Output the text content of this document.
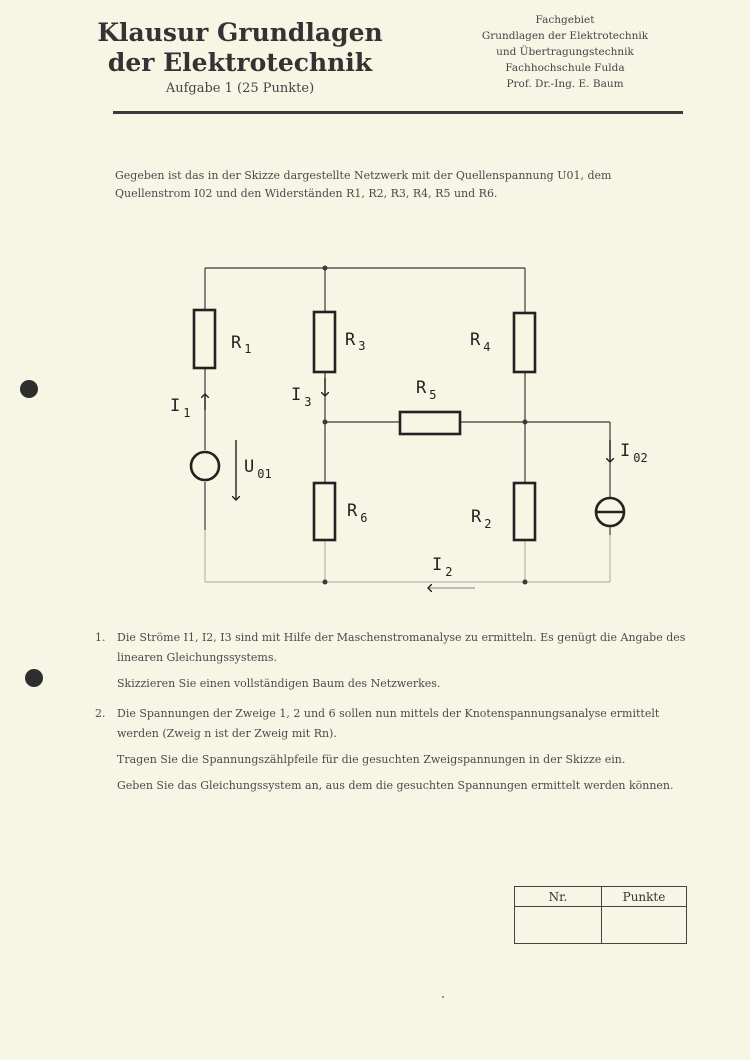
Klausur Grundlagen
der Elektrotechnik
Aufgabe 1 (25 Punkte)
Fachgebiet
Grundlagen der Elektrotechnik
und Übertragungstechnik
Fachhochschule Fulda
Prof. Dr.-Ing. E. Baum
Gegeben ist das in der Skizze dargestellte Netzwerk mit der Quellenspannung U01, dem Quellenstrom I02 und den Widerständen R1, R2, R3, R4, R5 und R6.
R $_1$	R $_3$	R $_4$
R $_5$
R $_6$	R $_2$
I $_1$
I $_3$
U $_{01}$
I $_{02}$
I $_2$
1.	Die Ströme I1, I2, I3 sind mit Hilfe der Maschenstromanalyse zu ermitteln. Es genügt die Angabe des linearen Gleichungssystems.

Skizzieren Sie einen vollständigen Baum des Netzwerkes.

2.	Die Spannungen der Zweige 1, 2 und 6 sollen nun mittels der Knotenspannungsanalyse ermittelt werden (Zweig n ist der Zweig mit Rn).

Tragen Sie die Spannungszählpfeile für die gesuchten Zweigspannungen in der Skizze ein.

Geben Sie das Gleichungssystem an, aus dem die gesuchten Spannungen ermittelt werden können.

Nr.	Punkte
